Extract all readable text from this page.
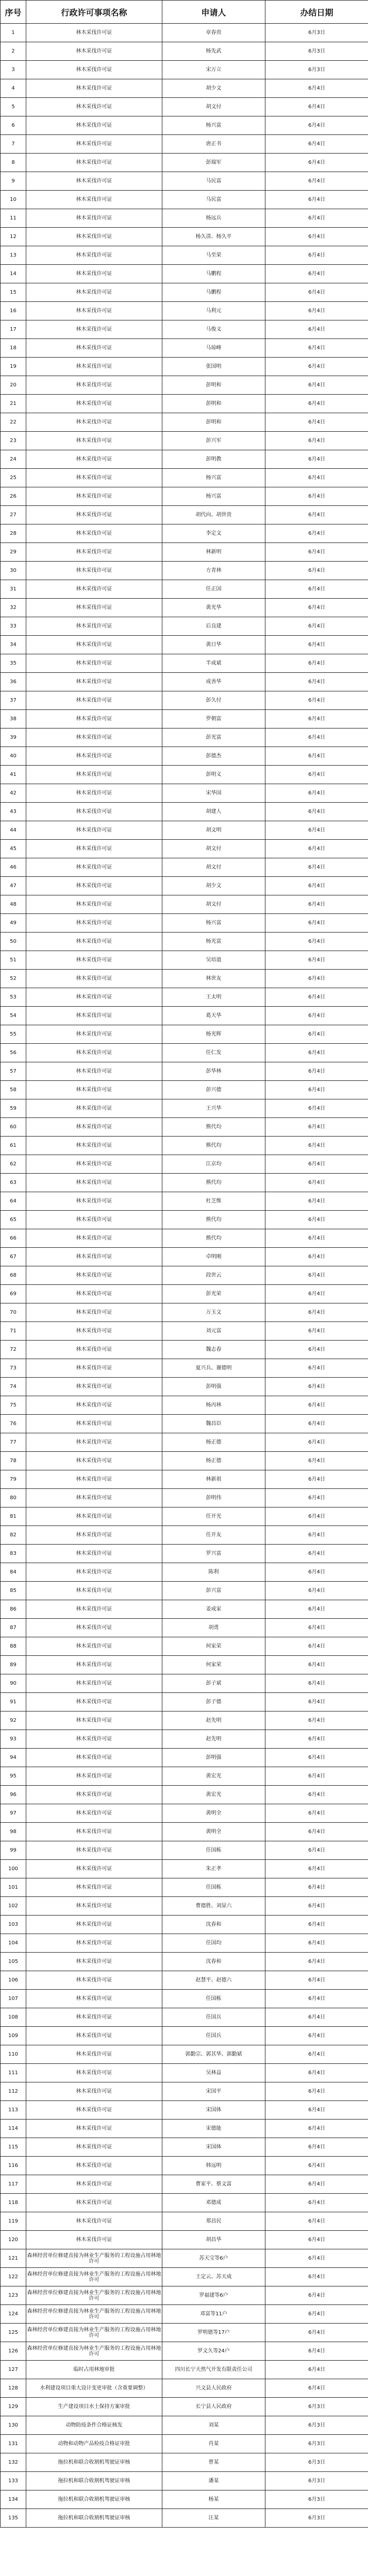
序号	行政许可事项名称	申请人	办结日期
1	林木采伐许可证	章春贵	6月3日
2	林木采伐许可证	杨先武	6月3日
3	林木采伐许可证	宋万立	6月3日
4	林木采伐许可证	胡少文	6月4日
5	林木采伐许可证	胡文付	6月4日
6	林木采伐许可证	杨兴富	6月4日
7	林木采伐许可证	唐正书	6月4日
8	林木采伐许可证	彭瑞军	6月4日
9	林木采伐许可证	马民富	6月4日
10	林木采伐许可证	马民富	6月4日
11	林木采伐许可证	杨远兵	6月4日
12	林木采伐许可证	杨久清、杨久平	6月4日
13	林木采伐许可证	马至荣	6月4日
14	林木采伐许可证	马鹏程	6月4日
15	林木采伐许可证	马鹏程	6月4日
16	林木采伐许可证	马利元	6月4日
17	林木采伐许可证	马俊义	6月4日
18	林木采伐许可证	马琼峰	6月4日
19	林木采伐许可证	张国明	6月4日
20	林木采伐许可证	彭明和	6月4日
21	林木采伐许可证	彭明和	6月4日
22	林木采伐许可证	彭明和	6月4日
23	林木采伐许可证	彭兴军	6月4日
24	林木采伐许可证	彭明教	6月4日
25	林木采伐许可证	杨兴富	6月4日
26	林木采伐许可证	杨兴富	6月4日
27	林木采伐许可证	胡代向、胡世贵	6月4日
28	林木采伐许可证	李定文	6月4日
29	林木采伐许可证	林新明	6月4日
30	林木采伐许可证	方青林	6月4日
31	林木采伐许可证	任正国	6月4日
32	林木采伐许可证	黄光华	6月4日
33	林木采伐许可证	后良建	6月4日
34	林木采伐许可证	黄日华	6月4日
35	林木采伐许可证	半成斌	6月4日
36	林木采伐许可证	成善华	6月4日
37	林木采伐许可证	彭久付	6月4日
38	林木采伐许可证	罗朝富	6月4日
39	林木采伐许可证	彭光富	6月4日
40	林木采伐许可证	彭德杰	6月4日
41	林木采伐许可证	彭明义	6月4日
42	林木采伐许可证	宋华国	6月4日
43	林木采伐许可证	胡建人	6月4日
44	林木采伐许可证	胡文明	6月4日
45	林木采伐许可证	胡文付	6月4日
46	林木采伐许可证	胡文付	6月4日
47	林木采伐许可证	胡少文	6月4日
48	林木采伐许可证	胡文付	6月4日
49	林木采伐许可证	杨兴富	6月4日
50	林木采伐许可证	杨光富	6月4日
51	林木采伐许可证	吴培道	6月4日
52	林木采伐许可证	林世友	6月4日
53	林木采伐许可证	王太明	6月4日
54	林木采伐许可证	葛天华	6月4日
55	林木采伐许可证	杨光辉	6月4日
56	林木采伐许可证	任仁发	6月4日
57	林木采伐许可证	彭华林	6月4日
58	林木采伐许可证	彭兴德	6月4日
59	林木采伐许可证	王兴华	6月4日
60	林木采伐许可证	熊代均	6月4日
61	林木采伐许可证	熊代均	6月4日
62	林木采伐许可证	江京均	6月4日
63	林木采伐许可证	熊代均	6月4日
64	林木采伐许可证	杜芝维	6月4日
65	林木采伐许可证	熊代均	6月4日
66	林木采伐许可证	熊代均	6月4日
67	林木采伐许可证	卓明刚	6月4日
68	林木采伐许可证	段世云	6月4日
69	林木采伐许可证	彭光荣	6月4日
70	林木采伐许可证	万玉文	6月4日
71	林木采伐许可证	刘元富	6月4日
72	林木采伐许可证	魏志春	6月4日
73	林木采伐许可证	夏兴兵、谢德明	6月4日
74	林木采伐许可证	彭明强	6月4日
75	林木采伐许可证	杨丙林	6月4日
76	林木采伐许可证	魏昌臣	6月4日
77	林木采伐许可证	杨正德	6月4日
78	林木采伐许可证	杨正德	6月4日
79	林木采伐许可证	林新祖	6月4日
80	林木采伐许可证	彭明伟	6月4日
81	林木采伐许可证	任开光	6月4日
82	林木采伐许可证	任开友	6月4日
83	林木采伐许可证	罗兴富	6月4日
84	林木采伐许可证	陈利	6月4日
85	林木采伐许可证	彭兴富	6月4日
86	林木采伐许可证	姜成家	6月4日
87	林木采伐许可证	胡勇	6月4日
88	林木采伐许可证	何家荣	6月4日
89	林木采伐许可证	何家荣	6月4日
90	林木采伐许可证	彭子斌	6月4日
91	林木采伐许可证	彭子德	6月4日
92	林木采伐许可证	赵先明	6月4日
93	林木采伐许可证	赵先明	6月4日
94	林木采伐许可证	彭明强	6月4日
95	林木采伐许可证	黄宏光	6月4日
96	林木采伐许可证	黄宏光	6月4日
97	林木采伐许可证	黄明全	6月4日
98	林木采伐许可证	黄明全	6月4日
99	林木采伐许可证	任国栋	6月4日
100	林木采伐许可证	朱正孝	6月4日
101	林木采伐许可证	任国栋	6月4日
102	林木采伐许可证	曹德胜、刘显六	6月4日
103	林木采伐许可证	沈春和	6月4日
104	林木采伐许可证	任国均	6月4日
105	林木采伐许可证	沈春和	6月4日
106	林木采伐许可证	赵慧平、赵德六	6月4日
107	林木采伐许可证	任国栋	6月4日
108	林木采伐许可证	任国兵	6月4日
109	林木采伐许可证	任国兵	6月4日
110	林木采伐许可证	郭勤宗、郭其华、郭勤斌	6月4日
111	林木采伐许可证	吴林益	6月4日
112	林木采伐许可证	宋国平	6月4日
113	林木采伐许可证	宋国体	6月4日
114	林木采伐许可证	宋德能	6月4日
115	林木采伐许可证	宋国体	6月4日
116	林木采伐许可证	韩远明	6月4日
117	林木采伐许可证	曹家平、蔡文富	6月4日
118	林木采伐许可证	邓德成	6月4日
119	林木采伐许可证	郑昌民	6月4日
120	林木采伐许可证	胡昌华	6月4日
121	森林经营单位修建直接为林业生产服务的工程设施占用林地许可	苏天宝等6户	6月4日
122	森林经营单位修建直接为林业生产服务的工程设施占用林地许可	王定云、苏天成	6月4日
123	森林经营单位修建直接为林业生产服务的工程设施占用林地许可	罗福建等6户	6月4日
124	森林经营单位修建直接为林业生产服务的工程设施占用林地许可	邓富等11户	6月4日
125	森林经营单位修建直接为林业生产服务的工程设施占用林地许可	罗明德等17户	6月4日
126	森林经营单位修建直接为林业生产服务的工程设施占用林地许可	罗文久等24户	6月4日
127	临时占用林地审批	四川长宁天然气开发有限责任公司	6月4日
128	水利建设项目重大设计变更审批（含重要调整）	兴文县人民政府	6月4日
129	生产建设项目水土保持方案审批	长宁县人民政府	6月3日
130	动物防疫条件合格证核发	刘某	6月3日
131	动物和动物产品检疫合格证审批	肖某	6月3日
132	拖拉机和联合收割机驾驶证审核	曾某	6月3日
133	拖拉机和联合收割机驾驶证审核	潘某	6月3日
134	拖拉机和联合收割机驾驶证审核	杨某	6月3日
135	拖拉机和联合收割机驾驶证审核	汪某	6月3日
